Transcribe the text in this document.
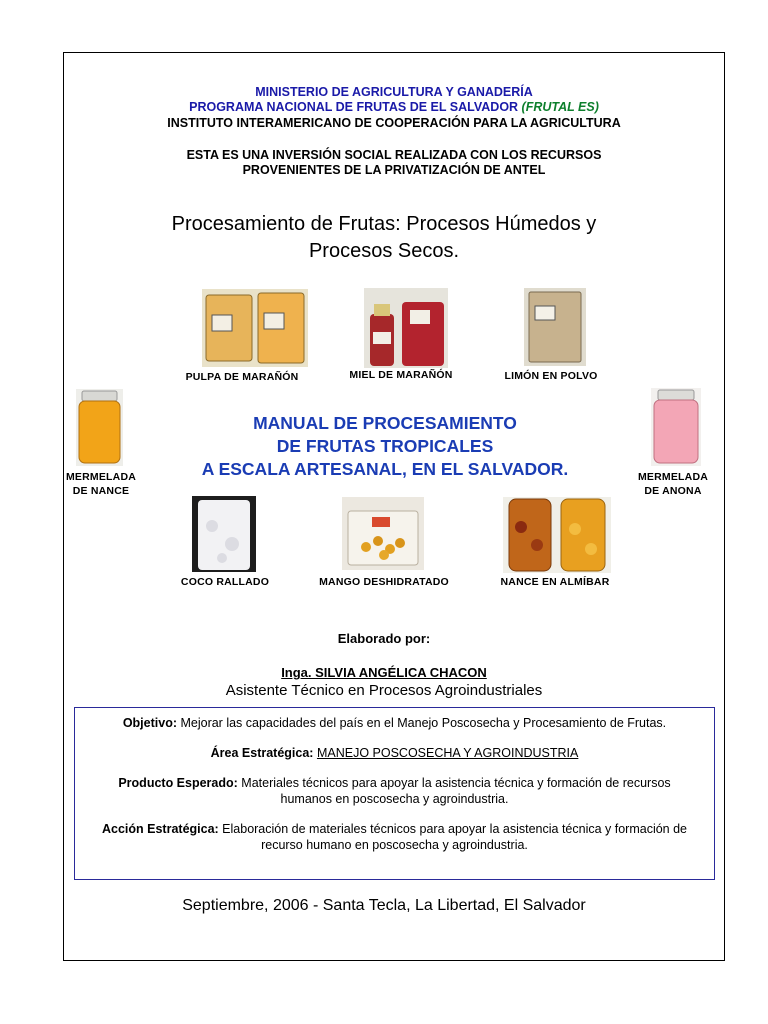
MINISTERIO DE AGRICULTURA Y GANADERÍA
PROGRAMA NACIONAL DE FRUTAS DE EL SALVADOR (FRUTAL ES)
INSTITUTO INTERAMERICANO DE COOPERACIÓN PARA LA AGRICULTURA
ESTA ES UNA INVERSIÓN SOCIAL REALIZADA CON LOS RECURSOS
PROVENIENTES DE LA PRIVATIZACIÓN DE ANTEL
Procesamiento de Frutas: Procesos Húmedos y
Procesos Secos.
PULPA DE MARAÑÓN	MIEL DE MARAÑÓN	LIMÓN EN POLVO
MERMELADA
DE NANCE
MERMELADA
DE ANONA
MANUAL DE PROCESAMIENTO
DE FRUTAS TROPICALES
A ESCALA ARTESANAL, EN EL SALVADOR.
COCO RALLADO	MANGO DESHIDRATADO	NANCE EN ALMÍBAR
Elaborado por:
Inga. SILVIA ANGÉLICA CHACON
Asistente Técnico en Procesos Agroindustriales

Objetivo: Mejorar las capacidades del país en el Manejo Poscosecha y Procesamiento de Frutas.

Área Estratégica: MANEJO POSCOSECHA Y AGROINDUSTRIA

Producto Esperado: Materiales técnicos para apoyar la asistencia técnica y formación de recursos humanos en poscosecha y agroindustria.

Acción Estratégica: Elaboración de materiales técnicos para apoyar la asistencia técnica y formación de recurso humano en poscosecha y agroindustria.

Septiembre, 2006 - Santa Tecla, La Libertad, El Salvador
